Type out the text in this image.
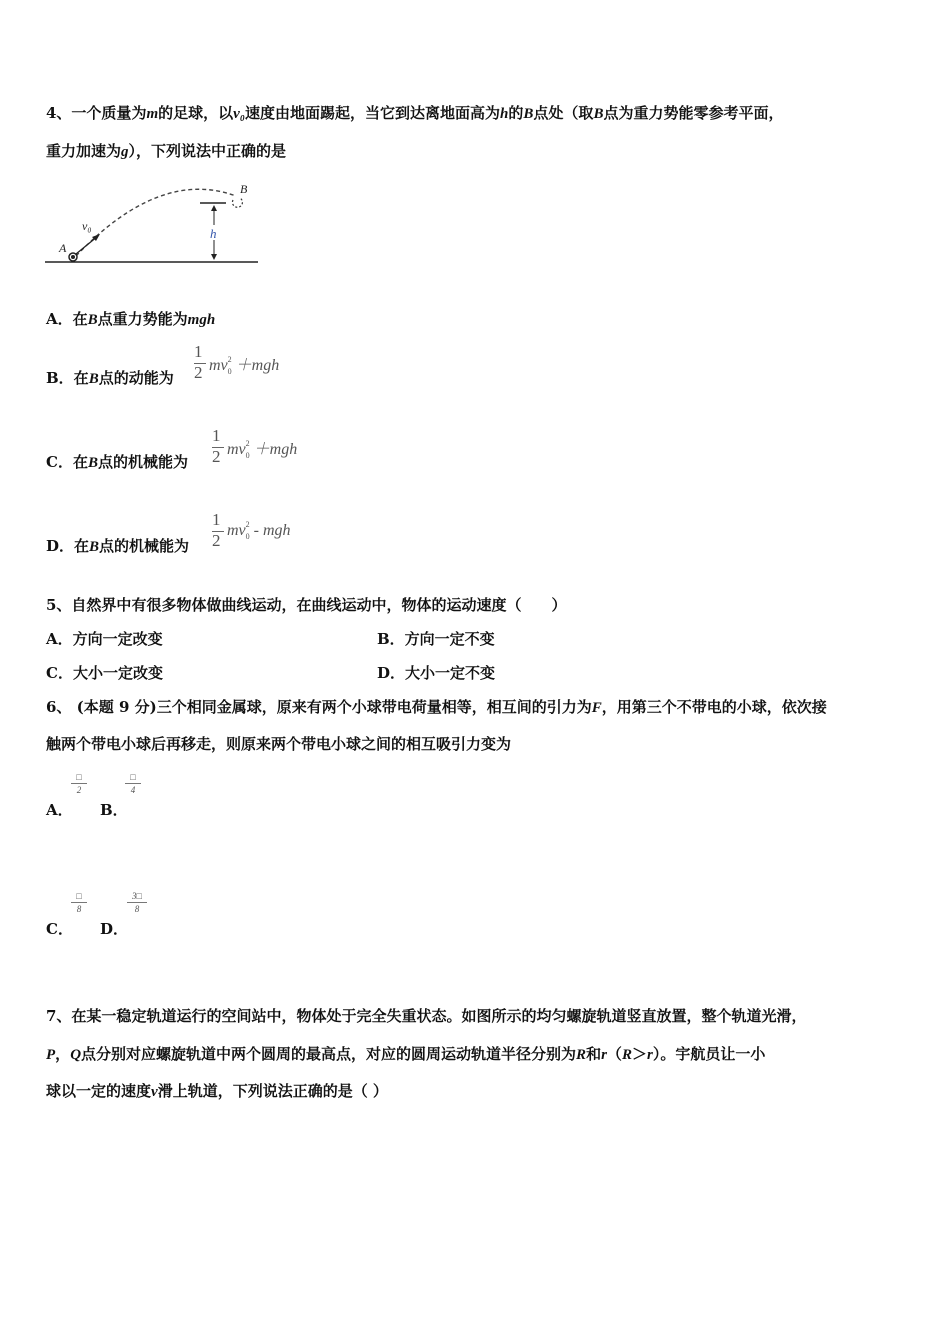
4、一个质量为m的足球，以v₀速度由地面踢起，当它到达离地面高为h的B点处（取B点为重力势能零参考平面，
重力加速为g），下列说法中正确的是
A
v₀
B
h
A．在B点重力势能为mgh
B．在B点的动能为
1
2 $mv^2_0 +mgh$
C．在B点的机械能为
1
2 $mv^2_0 +mgh$
D．在B点的机械能为
1
2
$mv^2_0$ - mgh
5、自然界中有很多物体做曲线运动，在曲线运动中，物体的运动速度（　　）
A．方向一定改变	B．方向一定不变
C．大小一定改变	D．大小一定不变
6、 (本题 9 分)三个相同金属球，原来有两个小球带电荷量相等，相互间的引力为F，用第三个不带电的小球，依次接
触两个带电小球后再移走，则原来两个带电小球之间的相互吸引力变为
A．
□
2
B．
□
4
C．
□
8
D．
3□
8
7、在某一稳定轨道运行的空间站中，物体处于完全失重状态。如图所示的均匀螺旋轨道竖直放置，整个轨道光滑，
P，Q点分别对应螺旋轨道中两个圆周的最高点，对应的圆周运动轨道半径分别为R和r（R＞r）。宇航员让一小
球以一定的速度v滑上轨道，下列说法正确的是（ ）
